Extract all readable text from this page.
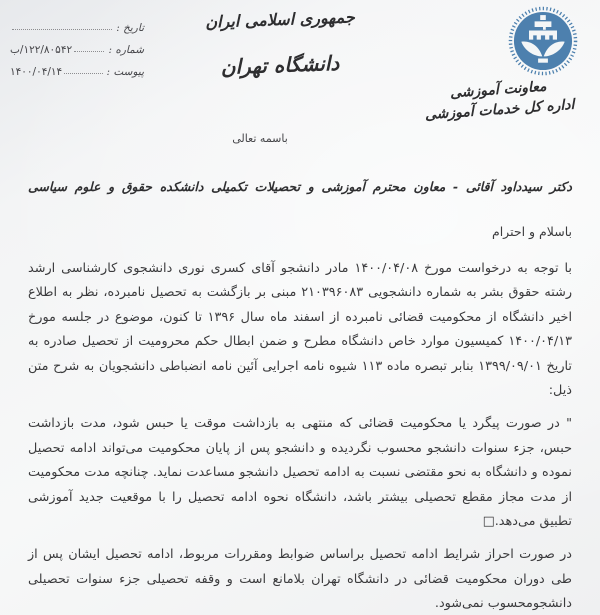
تاریخ :
شماره :
۱۲۲/۸۰۵۴۲/ب
پیوست :
۱۴۰۰/۰۴/۱۴
جمهوری اسلامی ایران
دانشگاه تهران
معاونت آموزشی
اداره کل خدمات آموزشی
باسمه تعالی
دکتر سیدداود آقائی - معاون محترم آموزشی و تحصیلات تکمیلی دانشکده حقوق و علوم سیاسی
باسلام و احترام

با توجه به درخواست مورخ ۱۴۰۰/۰۴/۰۸ مادر دانشجو آقای کسری نوری دانشجوی کارشناسی ارشد رشته حقوق بشر به شماره دانشجویی ۲۱۰۳۹۶۰۸۳ مبنی بر بازگشت به تحصیل نامبرده، نظر به اطلاع اخیر دانشگاه از محکومیت قضائی نامبرده از اسفند ماه سال ۱۳۹۶ تا کنون، موضوع در جلسه مورخ ۱۴۰۰/۰۴/۱۳ کمیسیون موارد خاص دانشگاه مطرح و ضمن ابطال حکم محرومیت از تحصیل صادره به تاریخ ۱۳۹۹/۰۹/۰۱ بنابر تبصره ماده ۱۱۳ شیوه نامه اجرایی آئین نامه انضباطی دانشجویان به شرح متن ذیل:

" در صورت پیگرد یا محکومیت قضائی که منتهی به بازداشت موقت یا حبس شود، مدت بازداشت حبس، جزء سنوات دانشجو محسوب نگردیده و دانشجو پس از پایان محکومیت می‌تواند ادامه تحصیل نموده و دانشگاه به نحو مقتضی نسبت به ادامه تحصیل دانشجو مساعدت نماید. چنانچه مدت محکومیت از مدت مجاز مقطع تحصیلی بیشتر باشد، دانشگاه نحوه ادامه تحصیل را با موقعیت جدید آموزشی تطبیق می‌دهد.□

در صورت احراز شرایط ادامه تحصیل براساس ضوابط ومقررات مربوط، ادامه تحصیل ایشان پس از طی دوران محکومیت قضائی در دانشگاه تهران بلامانع است و وقفه تحصیلی جزء سنوات تحصیلی دانشجومحسوب نمی‌شود.
